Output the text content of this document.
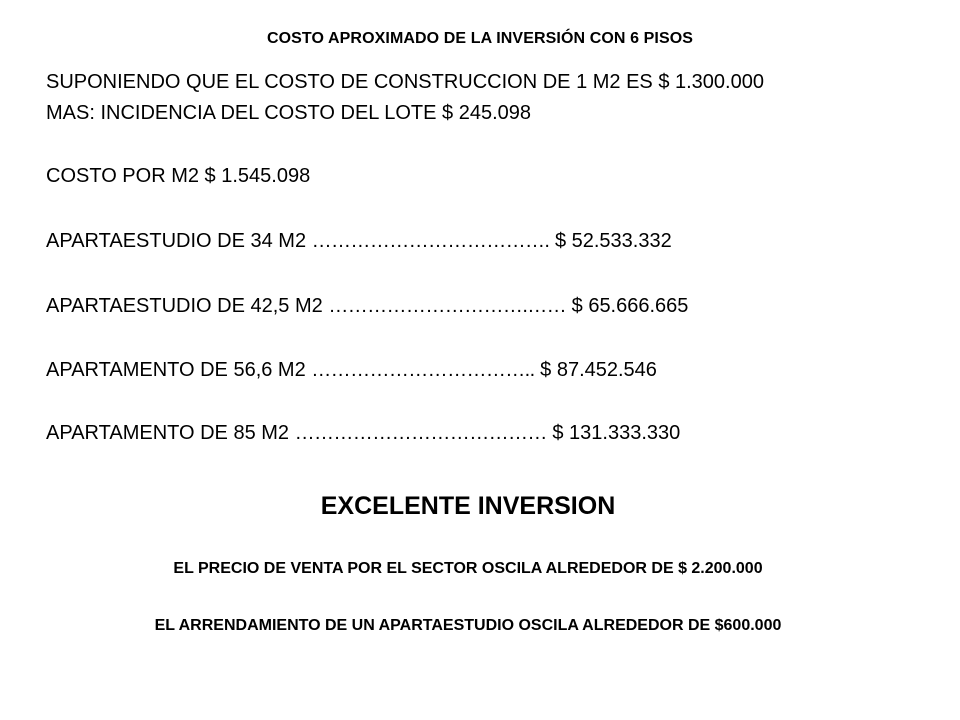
COSTO APROXIMADO DE LA INVERSIÓN CON 6 PISOS
SUPONIENDO QUE EL COSTO DE CONSTRUCCION DE 1 M2 ES $ 1.300.000
MAS: INCIDENCIA DEL COSTO DEL LOTE $ 245.098
COSTO POR M2 $ 1.545.098
APARTAESTUDIO DE 34 M2 ………………………………. $ 52.533.332
APARTAESTUDIO DE 42,5 M2 ………………………….…… $ 65.666.665
APARTAMENTO DE 56,6 M2 …………………………….. $ 87.452.546
APARTAMENTO DE 85 M2 ………………………………… $ 131.333.330
EXCELENTE INVERSION
EL PRECIO DE VENTA POR EL SECTOR OSCILA ALREDEDOR DE $ 2.200.000
EL ARRENDAMIENTO DE UN APARTAESTUDIO OSCILA ALREDEDOR DE $600.000
